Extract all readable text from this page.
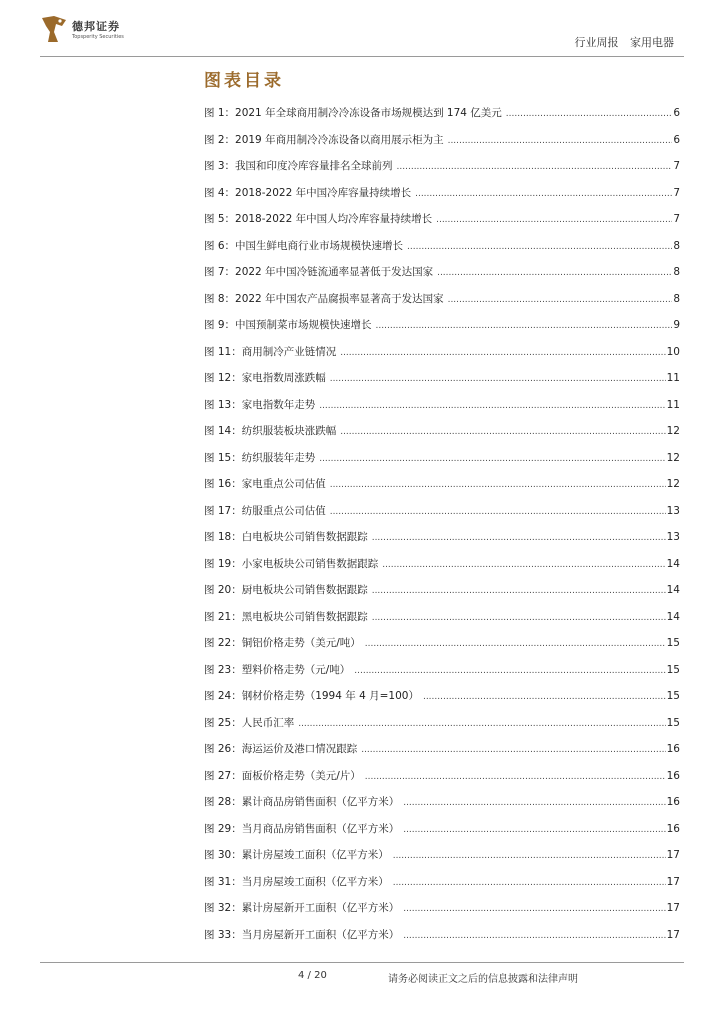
德邦证券
Topsperity Securities	行业周报 家用电器
图表目录
图 1：2021 年全球商用制冷冷冻设备市场规模达到 174 亿美元 .....	6
图 2：2019 年商用制冷冷冻设备以商用展示柜为主 .....	6
图 3：我国和印度冷库容量排名全球前列 .....	7
图 4：2018-2022 年中国冷库容量持续增长 .....	7
图 5：2018-2022 年中国人均冷库容量持续增长 .....	7
图 6：中国生鲜电商行业市场规模快速增长 .....	8
图 7：2022 年中国冷链流通率显著低于发达国家 .....	8
图 8：2022 年中国农产品腐损率显著高于发达国家 .....	8
图 9：中国预制菜市场规模快速增长 .....	9
图 11：商用制冷产业链情况 .....	10
图 12：家电指数周涨跌幅 .....	11
图 13：家电指数年走势 .....	11
图 14：纺织服装板块涨跌幅 .....	12
图 15：纺织服装年走势 .....	12
图 16：家电重点公司估值 .....	12
图 17：纺服重点公司估值 .....	13
图 18：白电板块公司销售数据跟踪 .....	13
图 19：小家电板块公司销售数据跟踪 .....	14
图 20：厨电板块公司销售数据跟踪 .....	14
图 21：黑电板块公司销售数据跟踪 .....	14
图 22：铜铝价格走势（美元/吨） .....	15
图 23：塑料价格走势（元/吨） .....	15
图 24：钢材价格走势（1994 年 4 月=100） .....	15
图 25：人民币汇率 .....	15
图 26：海运运价及港口情况跟踪 .....	16
图 27：面板价格走势（美元/片） .....	16
图 28：累计商品房销售面积（亿平方米） .....	16
图 29：当月商品房销售面积（亿平方米） .....	16
图 30：累计房屋竣工面积（亿平方米） .....	17
图 31：当月房屋竣工面积（亿平方米） .....	17
图 32：累计房屋新开工面积（亿平方米） .....	17
图 33：当月房屋新开工面积（亿平方米） .....	17
4 / 20	请务必阅读正文之后的信息披露和法律声明
